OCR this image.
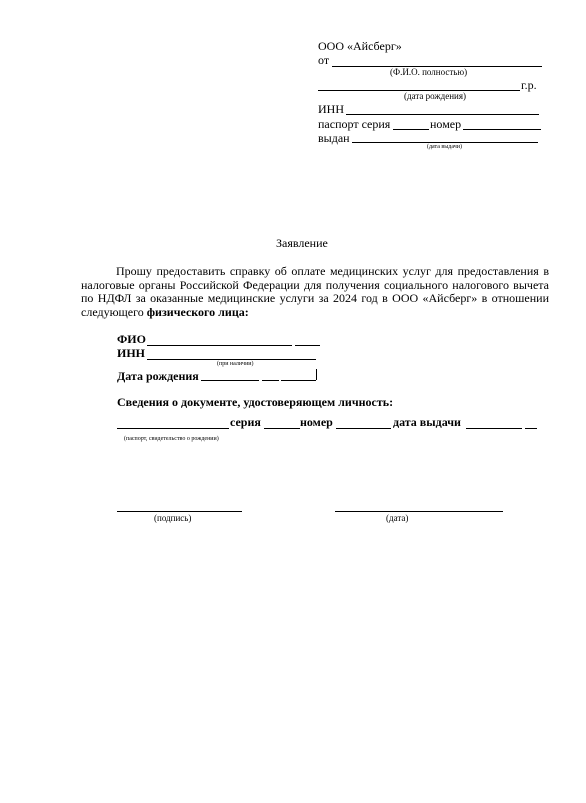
ООО «Айсберг»
от
(Ф.И.О. полностью)
г.р.
(дата рождения)
ИНН
паспорт серия	номер
выдан
(дата выдачи)
Заявление
Прошу предоставить справку об оплате медицинских услуг для предоставления в налоговые органы Российской Федерации для получения социального налогового вычета по НДФЛ за оказанные медицинские услуги за 2024 год в ООО «Айсберг» в отношении следующего физического лица:
ФИО
ИНН
(при наличии)
Дата рождения
Сведения о документе, удостоверяющем личность:
серия	номер	дата выдачи
(паспорт, свидетельство о рождении)
(подпись)	(дата)
